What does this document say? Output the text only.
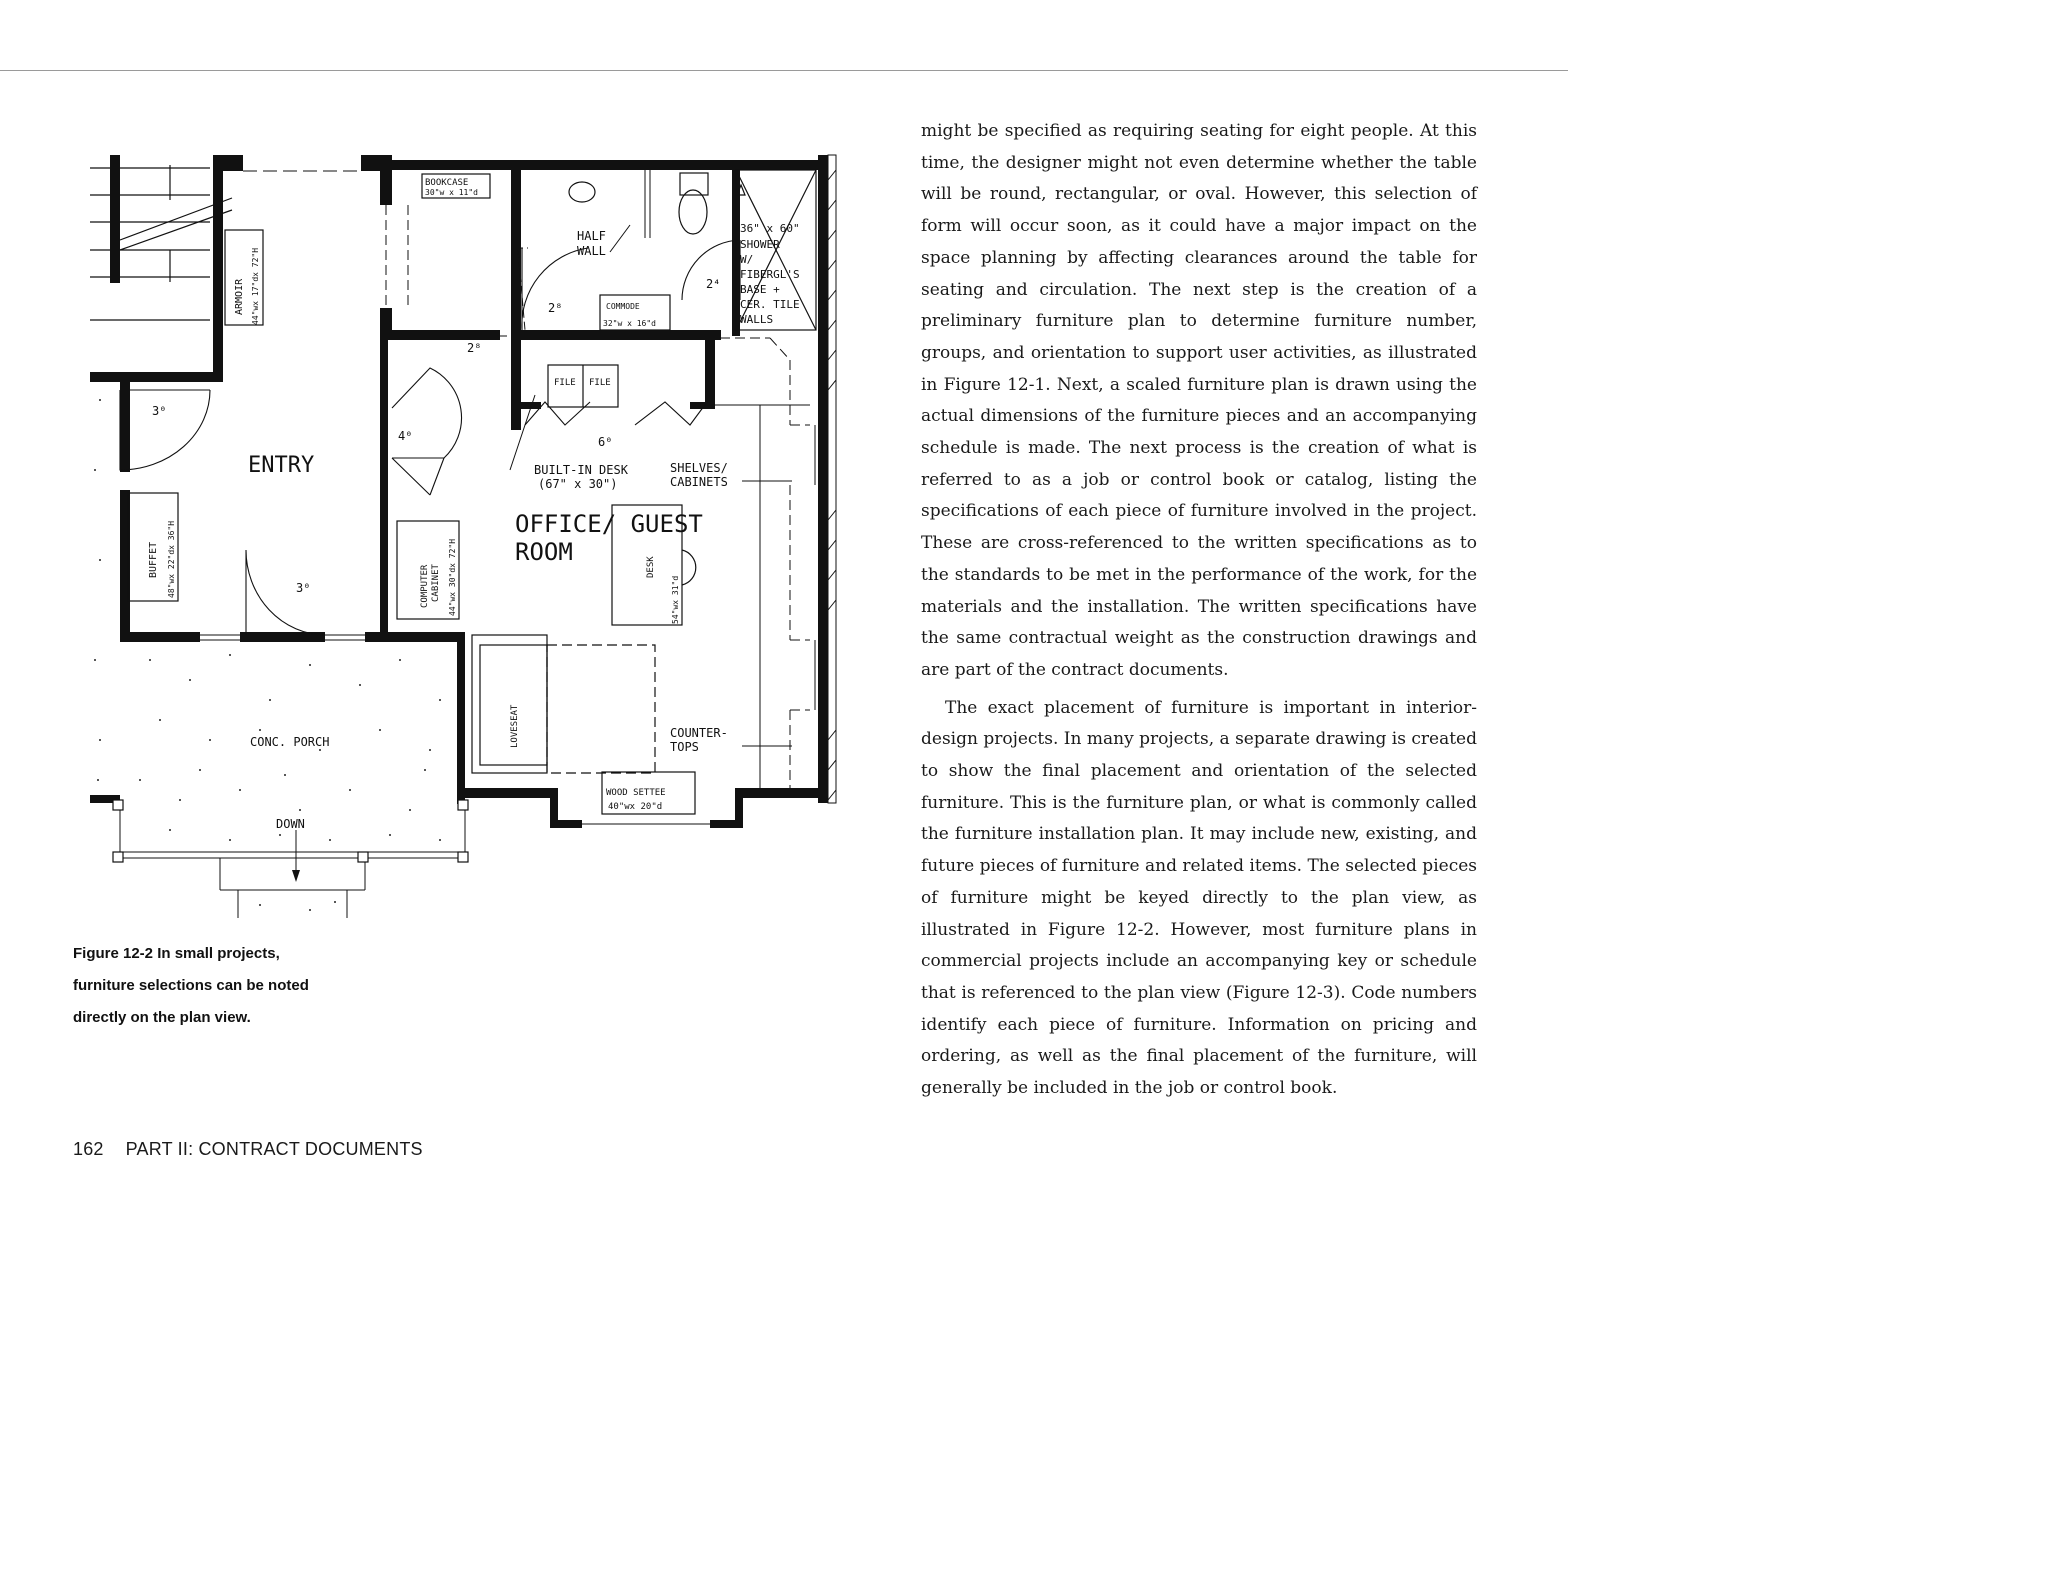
BOOKCASE
30"w x 11"d
HALF
WALL
36" x 60"
SHOWER
W/
FIBERGL'S
BASE +
CER. TILE
WALLS
COMMODE
32"w x 16"d
ARMOIR 44"wx 17"dx 72"H	2⁸
2⁸
2⁴
3⁰
4⁰	6⁰
3⁰
FILE FILE
ENTRY	BUILT-IN DESK
(67" x 30")
SHELVES/
CABINETS
OFFICE/ GUEST
ROOM
BUFFET 48"wx 22"dx 36"H	COMPUTER CABINET 44"wx 30"dx 72"H	DESK
54"wx 31"d
LOVESEAT	COUNTER-
TOPS
CONC. PORCH
WOOD SETTEE
40"wx 20"d
DOWN
Figure 12-2 In small projects, furniture selections can be noted directly on the plan view.

might be specified as requiring seating for eight people. At this time, the designer might not even determine whether the table will be round, rectangular, or oval. However, this selection of form will occur soon, as it could have a major impact on the space planning by affecting clearances around the table for seating and circulation. The next step is the creation of a preliminary furniture plan to determine furniture number, groups, and orientation to support user activities, as illustrated in Figure 12-1. Next, a scaled furniture plan is drawn using the actual dimensions of the furniture pieces and an accompanying schedule is made. The next process is the creation of what is referred to as a job or control book or catalog, listing the specifications of each piece of furniture involved in the project. These are cross-referenced to the written specifications as to the standards to be met in the performance of the work, for the materials and the installation. The written specifications have the same contractual weight as the construction drawings and are part of the contract documents.

The exact placement of furniture is important in interior-design projects. In many projects, a separate drawing is created to show the final placement and orientation of the selected furniture. This is the furniture plan, or what is commonly called the furniture installation plan. It may include new, existing, and future pieces of furniture and related items. The selected pieces of furniture might be keyed directly to the plan view, as illustrated in Figure 12-2. However, most furniture plans in commercial projects include an accompanying key or schedule that is referenced to the plan view (Figure 12-3). Code numbers identify each piece of furniture. Information on pricing and ordering, as well as the final placement of the furniture, will generally be included in the job or control book.

162 PART II: CONTRACT DOCUMENTS
